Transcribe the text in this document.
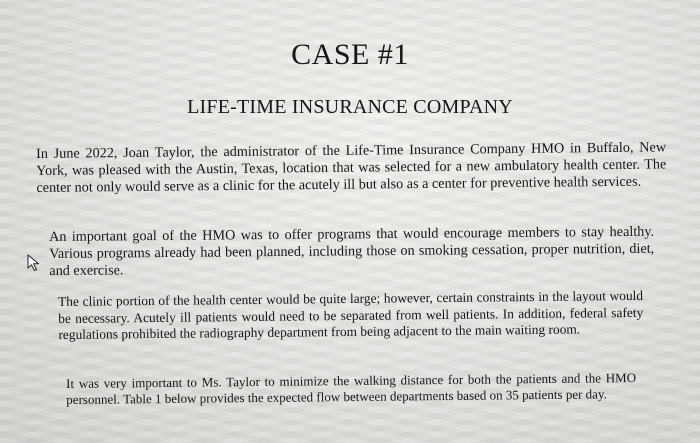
CASE #1
LIFE-TIME INSURANCE COMPANY

In June 2022, Joan Taylor, the administrator of the Life-Time Insurance Company HMO in Buffalo, New York, was pleased with the Austin, Texas, location that was selected for a new ambulatory health center. The center not only would serve as a clinic for the acutely ill but also as a center for preventive health services.

An important goal of the HMO was to offer programs that would encourage members to stay healthy. Various programs already had been planned, including those on smoking cessation, proper nutrition, diet, and exercise.

The clinic portion of the health center would be quite large; however, certain constraints in the layout would be necessary. Acutely ill patients would need to be separated from well patients. In addition, federal safety regulations prohibited the radiography department from being adjacent to the main waiting room.

It was very important to Ms. Taylor to minimize the walking distance for both the patients and the HMO personnel. Table 1 below provides the expected flow between departments based on 35 patients per day.
